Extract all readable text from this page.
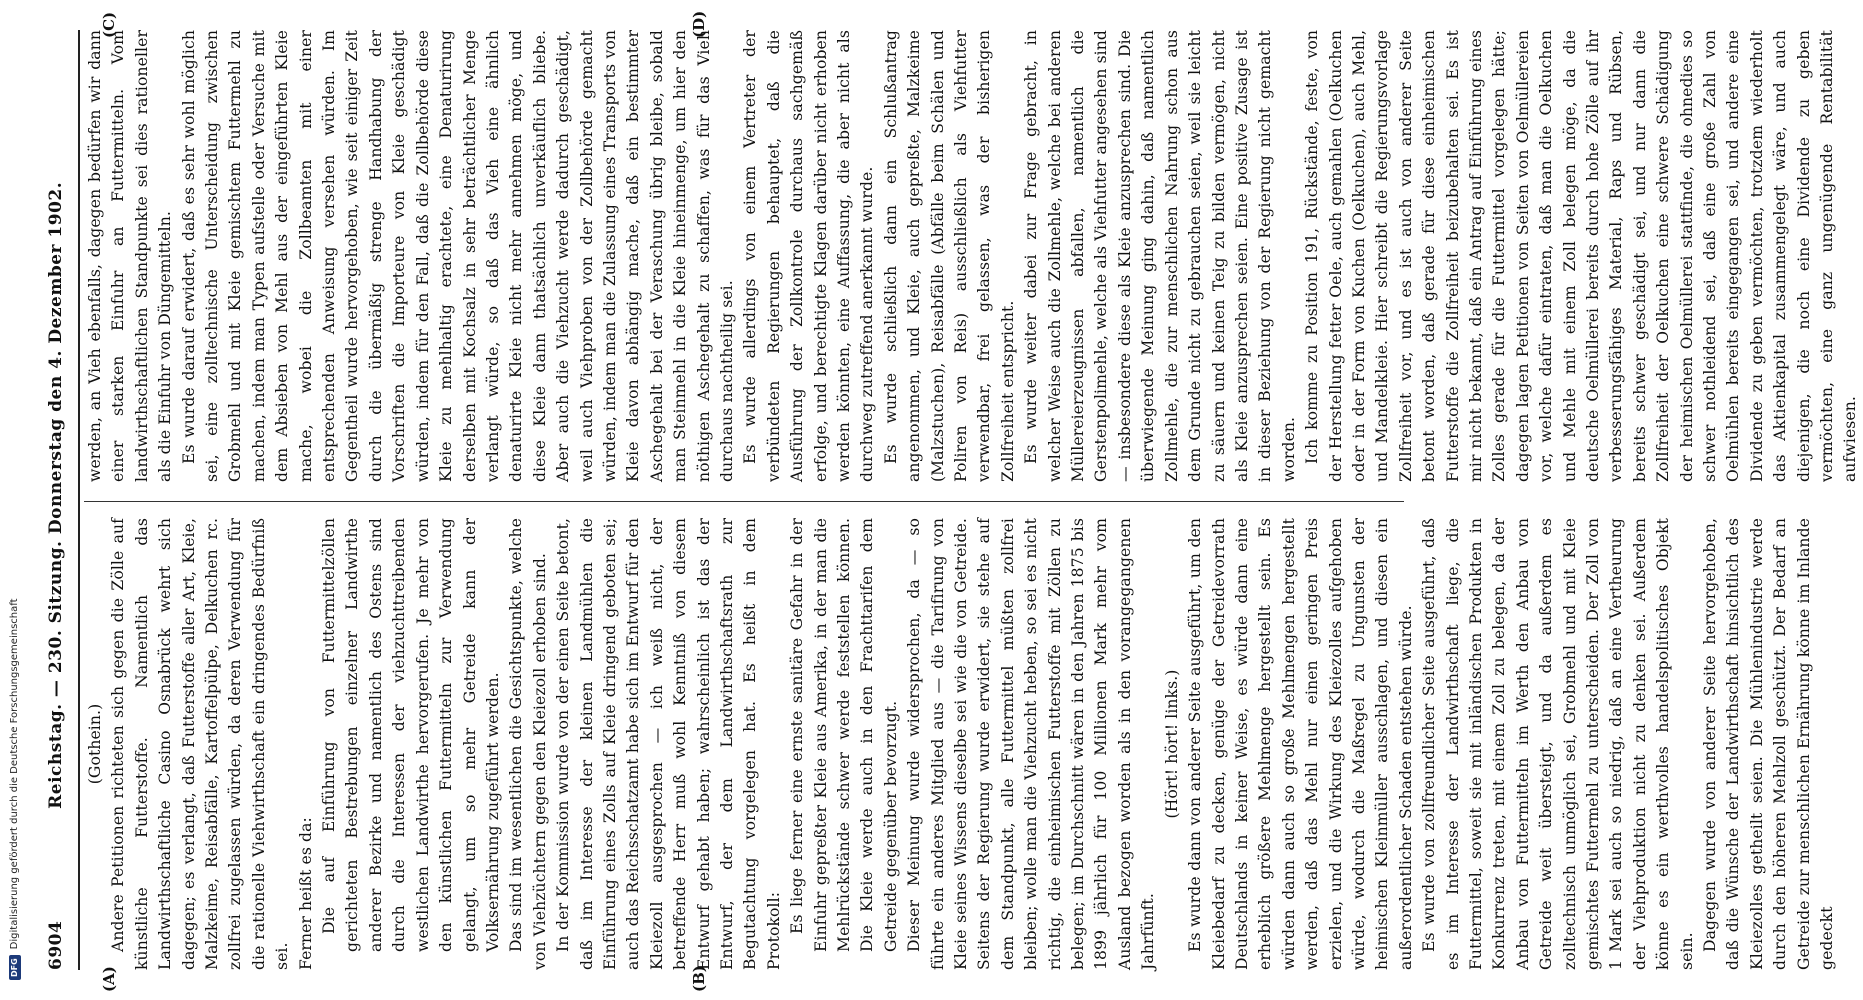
6904
Reichstag. — 230. Sitzung. Donnerstag den 4. Dezember 1902.
(A)	(B)
(C)	(D)

(Gothein.) Andere Petitionen richteten sich gegen die Zölle auf künstliche Futterstoffe. Namentlich das Landwirthschaftliche Casino Osnabrück wehrt sich dagegen; es verlangt, daß Futterstoffe aller Art, Kleie, Malzkeime, Reisabfälle, Kartoffelpülpe, Delkuchen rc. zollfrei zugelassen würden, da deren Verwendung für die rationelle Viehwirthschaft ein dringendes Bedürfniß sei. Ferner heißt es da: Die auf Einführung von Futtermittelzöllen gerichteten Bestrebungen einzelner Landwirthe anderer Bezirke und namentlich des Ostens sind durch die Interessen der viehzuchttreibenden westlichen Landwirthe hervorgerufen. Je mehr von den künstlichen Futtermitteln zur Verwendung gelangt, um so mehr Getreide kann der Volksernährung zugeführt werden. Das sind im wesentlichen die Gesichtspunkte, welche von Viehzüchtern gegen den Kleiezoll erhoben sind. In der Kommission wurde von der einen Seite betont, daß im Interesse der kleinen Landmühlen die Einführung eines Zolls auf Kleie dringend geboten sei; auch das Reichsschatzamt habe sich im Entwurf für den Kleiezoll ausgesprochen — ich weiß nicht, der betreffende Herr muß wohl Kenntniß von diesem Entwurf gehabt haben; wahrscheinlich ist das der Entwurf, der dem Landwirthschaftsrath zur Begutachtung vorgelegen hat. Es heißt in dem Protokoll: Es liege ferner eine ernste sanitäre Gefahr in der Einfuhr gepreßter Kleie aus Amerika, in der man die Mehlrückstände schwer werde feststellen können. Die Kleie werde auch in den Frachttarifen dem Getreide gegenüber bevorzugt. Dieser Meinung wurde widersprochen, da — so führte ein anderes Mitglied aus — die Tarifirung von Kleie seines Wissens dieselbe sei wie die von Getreide. Seitens der Regierung wurde erwidert, sie stehe auf dem Standpunkt, alle Futtermittel müßten zollfrei bleiben; wolle man die Viehzucht heben, so sei es nicht richtig, die einheimischen Futterstoffe mit Zöllen zu belegen; im Durchschnitt wären in den Jahren 1875 bis 1899 jährlich für 100 Millionen Mark mehr vom Ausland bezogen worden als in den vorangegangenen Jahrfünft.

(Hört! hört! links.) Es wurde dann von anderer Seite ausgeführt, um den Kleiebedarf zu decken, genüge der Getreidevorrath Deutschlands in keiner Weise, es würde dann eine erheblich größere Mehlmenge hergestellt sein. Es würden dann auch so große Mehlmengen hergestellt werden, daß das Mehl nur einen geringen Preis erzielen, und die Wirkung des Kleiezolles aufgehoben würde, wodurch die Maßregel zu Ungunsten der heimischen Kleinmüller ausschlagen, und diesen ein außerordentlicher Schaden entstehen würde. Es wurde von zollfreundlicher Seite ausgeführt, daß es im Interesse der Landwirthschaft liege, die Futtermittel, soweit sie mit inländischen Produkten in Konkurrenz treten, mit einem Zoll zu belegen, da der Anbau von Futtermitteln im Werth den Anbau von Getreide weit übersteigt, und da außerdem es zolltechnisch unmöglich sei, Grobmehl und mit Kleie gemischtes Futtermehl zu unterscheiden. Der Zoll von 1 Mark sei auch so niedrig, daß an eine Vertheurung der Viehproduktion nicht zu denken sei. Außerdem könne es ein werthvolles handelspolitisches Objekt sein. Dagegen wurde von anderer Seite hervorgehoben, daß die Wünsche der Landwirthschaft hinsichtlich des Kleiezolles getheilt seien. Die Mühlenindustrie werde durch den höheren Mehlzoll geschützt. Der Bedarf an Getreide zur menschlichen Ernährung könne im Inlande gedeckt

werden, an Vieh ebenfalls, dagegen bedürfen wir dann einer starken Einfuhr an Futtermitteln. Vom landwirthschaftlichen Standpunkte sei dies rationeller als die Einfuhr von Düngemitteln. Es wurde darauf erwidert, daß es sehr wohl möglich sei, eine zolltechnische Unterscheidung zwischen Grobmehl und mit Kleie gemischtem Futtermehl zu machen, indem man Typen aufstelle oder Versuche mit dem Absieben von Mehl aus der eingeführten Kleie mache, wobei die Zollbeamten mit einer entsprechenden Anweisung versehen würden. Im Gegentheil wurde hervorgehoben, wie seit einiger Zeit durch die übermäßig strenge Handhabung der Vorschriften die Importeure von Kleie geschädigt würden, indem für den Fall, daß die Zollbehörde diese Kleie zu mehlhaltig erachtete, eine Denaturirung derselben mit Kochsalz in sehr beträchtlicher Menge verlangt würde, so daß das Vieh eine ähnlich denaturirte Kleie nicht mehr annehmen möge, und diese Kleie dann thatsächlich unverkäuflich bliebe. Aber auch die Viehzucht werde dadurch geschädigt, weil auch Viehproben von der Zollbehörde gemacht würden, indem man die Zulassung eines Transports von Kleie davon abhängig mache, daß ein bestimmter Aschegehalt bei der Veraschung übrig bleibe, sobald man Steinmehl in die Kleie hineinmenge, um hier den nöthigen Aschegehalt zu schaffen, was für das Vieh durchaus nachtheilig sei. Es wurde allerdings von einem Vertreter der verbündeten Regierungen behauptet, daß die Ausführung der Zollkontrole durchaus sachgemäß erfolge, und berechtigte Klagen darüber nicht erhoben werden könnten, eine Auffassung, die aber nicht als durchweg zutreffend anerkannt wurde. Es wurde schließlich dann ein Schlußantrag angenommen, und Kleie, auch gepreßte, Malzkeime (Malzstuchen), Reisabfälle (Abfälle beim Schälen und Poliren von Reis) ausschließlich als Viehfutter verwendbar, frei gelassen, was der bisherigen Zollfreiheit entspricht. Es wurde weiter dabei zur Frage gebracht, in welcher Weise auch die Zollmehle, welche bei anderen Müllereierzeugnissen abfallen, namentlich die Gerstenpolimehle, welche als Viehfutter angesehen sind — insbesondere diese als Kleie anzusprechen sind. Die überwiegende Meinung ging dahin, daß namentlich Zollmehle, die zur menschlichen Nahrung schon aus dem Grunde nicht zu gebrauchen seien, weil sie leicht zu säuern und keinen Teig zu bilden vermögen, nicht als Kleie anzusprechen seien. Eine positive Zusage ist in dieser Beziehung von der Regierung nicht gemacht worden. Ich komme zu Position 191, Rückstände, feste, von der Herstellung fetter Oele, auch gemahlen (Oelkuchen oder in der Form von Kuchen (Oelkuchen), auch Mehl, und Mandelkleie. Hier schreibt die Regierungsvorlage Zollfreiheit vor, und es ist auch von anderer Seite betont worden, daß gerade für diese einheimischen Futterstoffe die Zollfreiheit beizubehalten sei. Es ist mir nicht bekannt, daß ein Antrag auf Einführung eines Zolles gerade für die Futtermittel vorgelegen hätte; dagegen lagen Petitionen von Seiten von Oelmüllereien vor, welche dafür eintraten, daß man die Oelkuchen und Mehle mit einem Zoll belegen möge, da die deutsche Oelmüllerei bereits durch hohe Zölle auf ihr verbesserungsfähiges Material, Raps und Rübsen, bereits schwer geschädigt sei, und nur dann die Zollfreiheit der Oelkuchen eine schwere Schädigung der heimischen Oelmüllerei stattfinde, die ohnedies so schwer nothleidend sei, daß eine große Zahl von Oelmühlen bereits eingegangen sei, und andere eine Dividende zu geben vermöchten, trotzdem wiederholt das Aktienkapital zusammengelegt wäre, und auch diejenigen, die noch eine Dividende zu geben vermöchten, eine ganz ungenügende Rentabilität aufwiesen.

DFG
Digitalisierung gefördert durch die Deutsche Forschungsgemeinschaft
